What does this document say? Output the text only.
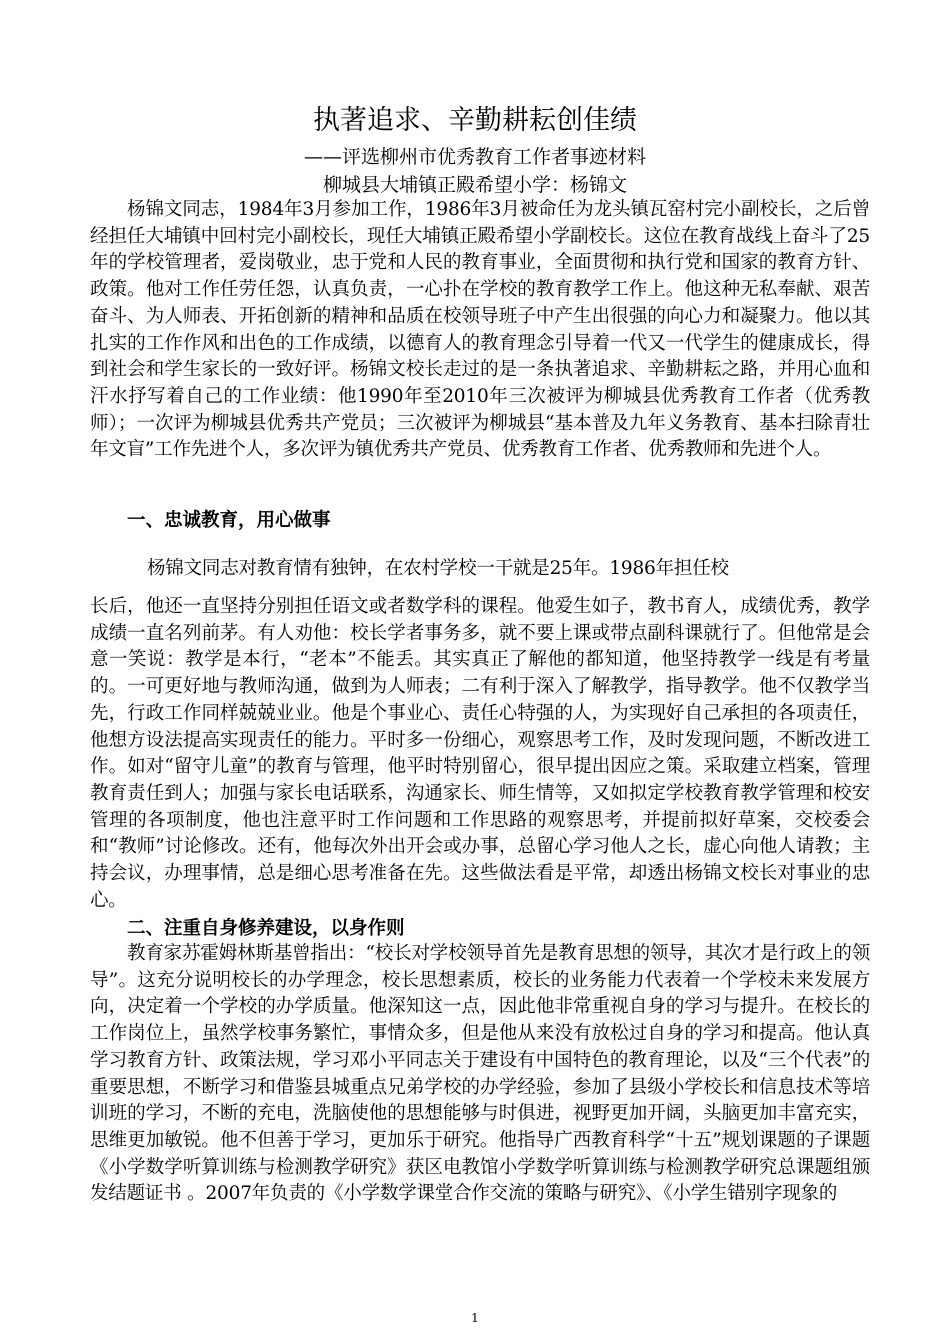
执著追求、辛勤耕耘创佳绩

——评选柳州市优秀教育工作者事迹材料

柳城县大埔镇正殿希望小学：杨锦文

杨锦文同志，1984年3月参加工作，1986年3月被命任为龙头镇瓦窑村完小副校长，之后曾经担任大埔镇中回村完小副校长，现任大埔镇正殿希望小学副校长。这位在教育战线上奋斗了25年的学校管理者，爱岗敬业，忠于党和人民的教育事业，全面贯彻和执行党和国家的教育方针、政策。他对工作任劳任怨，认真负责，一心扑在学校的教育教学工作上。他这种无私奉献、艰苦奋斗、为人师表、开拓创新的精神和品质在校领导班子中产生出很强的向心力和凝聚力。他以其扎实的工作作风和出色的工作成绩，以德育人的教育理念引导着一代又一代学生的健康成长，得到社会和学生家长的一致好评。杨锦文校长走过的是一条执著追求、辛勤耕耘之路，并用心血和汗水抒写着自己的工作业绩：他1990年至2010年三次被评为柳城县优秀教育工作者（优秀教师）；一次评为柳城县优秀共产党员；三次被评为柳城县“基本普及九年义务教育、基本扫除青壮年文盲”工作先进个人，多次评为镇优秀共产党员、优秀教育工作者、优秀教师和先进个人。

一、忠诚教育，用心做事

杨锦文同志对教育情有独钟，在农村学校一干就是25年。1986年担任校

长后，他还一直坚持分别担任语文或者数学科的课程。他爱生如子，教书育人，成绩优秀，教学成绩一直名列前茅。有人劝他：校长学者事务多，就不要上课或带点副科课就行了。但他常是会意一笑说：教学是本行，“老本”不能丢。其实真正了解他的都知道，他坚持教学一线是有考量的。一可更好地与教师沟通，做到为人师表；二有利于深入了解教学，指导教学。他不仅教学当先，行政工作同样兢兢业业。他是个事业心、责任心特强的人，为实现好自己承担的各项责任，他想方设法提高实现责任的能力。平时多一份细心，观察思考工作，及时发现问题，不断改进工作。如对“留守儿童”的教育与管理，他平时特别留心，很早提出因应之策。采取建立档案，管理教育责任到人；加强与家长电话联系，沟通家长、师生情等，又如拟定学校教育教学管理和校安管理的各项制度，他也注意平时工作问题和工作思路的观察思考，并提前拟好草案，交校委会和“教师”讨论修改。还有，他每次外出开会或办事，总留心学习他人之长，虚心向他人请教；主持会议，办理事情，总是细心思考准备在先。这些做法看是平常，却透出杨锦文校长对事业的忠心。

二、注重自身修养建设，以身作则

教育家苏霍姆林斯基曾指出：“校长对学校领导首先是教育思想的领导，其次才是行政上的领导”。这充分说明校长的办学理念，校长思想素质，校长的业务能力代表着一个学校未来发展方向，决定着一个学校的办学质量。他深知这一点，因此他非常重视自身的学习与提升。在校长的工作岗位上，虽然学校事务繁忙，事情众多，但是他从来没有放松过自身的学习和提高。他认真学习教育方针、政策法规，学习邓小平同志关于建设有中国特色的教育理论，以及“三个代表”的重要思想，不断学习和借鉴县城重点兄弟学校的办学经验，参加了县级小学校长和信息技术等培训班的学习，不断的充电，洗脑使他的思想能够与时俱进，视野更加开阔，头脑更加丰富充实，思维更加敏锐。他不但善于学习，更加乐于研究。他指导广西教育科学“十五”规划课题的子课题《小学数学听算训练与检测教学研究》获区电教馆小学数学听算训练与检测教学研究总课题组颁发结题证书 。2007年负责的《小学数学课堂合作交流的策略与研究》、《小学生错别字现象的

1
